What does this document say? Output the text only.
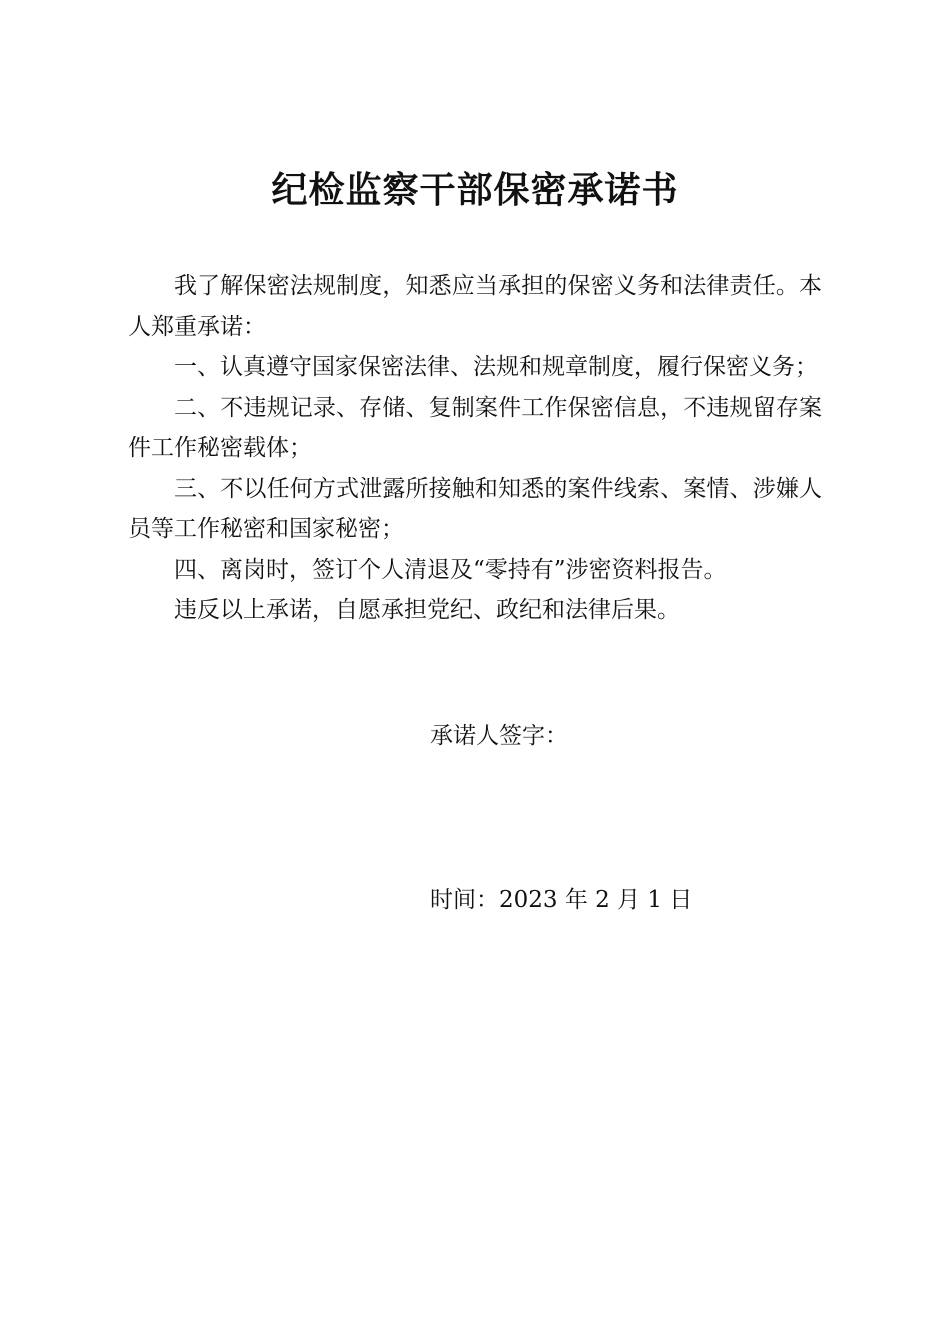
纪检监察干部保密承诺书

我了解保密法规制度，知悉应当承担的保密义务和法律责任。本人郑重承诺：

一、认真遵守国家保密法律、法规和规章制度，履行保密义务；

二、不违规记录、存储、复制案件工作保密信息，不违规留存案件工作秘密载体；

三、不以任何方式泄露所接触和知悉的案件线索、案情、涉嫌人员等工作秘密和国家秘密；

四、离岗时，签订个人清退及“零持有”涉密资料报告。

违反以上承诺，自愿承担党纪、政纪和法律后果。

承诺人签字：
时间：2023 年 2 月 1 日
